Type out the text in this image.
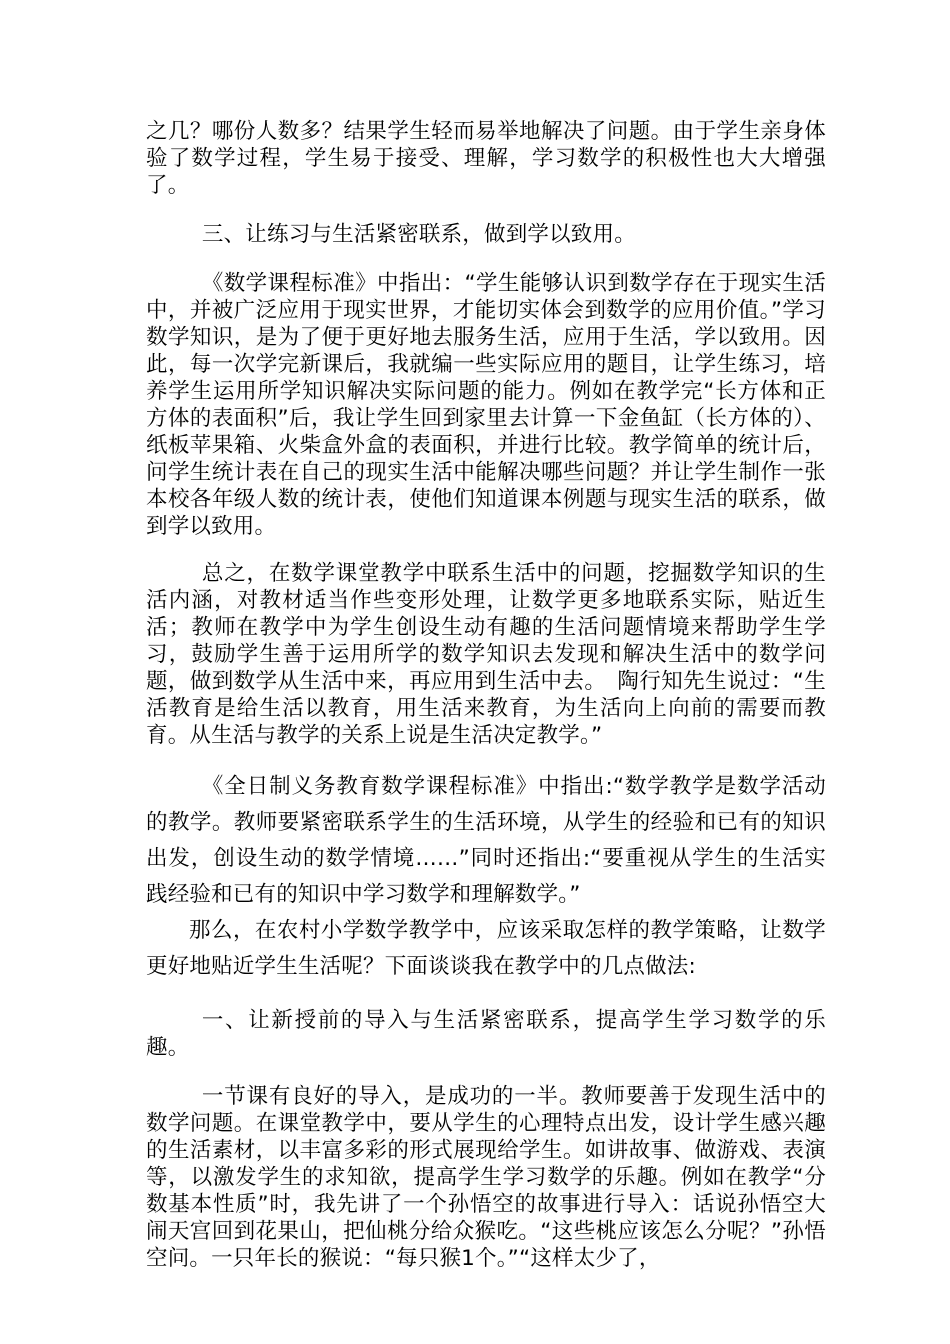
之几？哪份人数多？结果学生轻而易举地解决了问题。由于学生亲身体验了数学过程，学生易于接受、理解，学习数学的积极性也大大增强了。

三、让练习与生活紧密联系，做到学以致用。

《数学课程标准》中指出：“学生能够认识到数学存在于现实生活中，并被广泛应用于现实世界，才能切实体会到数学的应用价值。”学习数学知识，是为了便于更好地去服务生活，应用于生活，学以致用。因此，每一次学完新课后，我就编一些实际应用的题目，让学生练习，培养学生运用所学知识解决实际问题的能力。例如在教学完“长方体和正方体的表面积”后，我让学生回到家里去计算一下金鱼缸（长方体的）、纸板苹果箱、火柴盒外盒的表面积，并进行比较。教学简单的统计后，问学生统计表在自己的现实生活中能解决哪些问题？并让学生制作一张本校各年级人数的统计表，使他们知道课本例题与现实生活的联系，做到学以致用。

总之，在数学课堂教学中联系生活中的问题，挖掘数学知识的生活内涵，对教材适当作些变形处理，让数学更多地联系实际，贴近生活；教师在教学中为学生创设生动有趣的生活问题情境来帮助学生学习，鼓励学生善于运用所学的数学知识去发现和解决生活中的数学问题，做到数学从生活中来，再应用到生活中去。　陶行知先生说过：“生活教育是给生活以教育，用生活来教育，为生活向上向前的需要而教育。从生活与教学的关系上说是生活决定教学。”

《全日制义务教育数学课程标准》中指出:“数学教学是数学活动的教学。教师要紧密联系学生的生活环境，从学生的经验和已有的知识出发，创设生动的数学情境……”同时还指出:“要重视从学生的生活实践经验和已有的知识中学习数学和理解数学。”

那么，在农村小学数学教学中，应该采取怎样的教学策略，让数学更好地贴近学生生活呢？下面谈谈我在教学中的几点做法:

一、让新授前的导入与生活紧密联系，提高学生学习数学的乐趣。

一节课有良好的导入，是成功的一半。教师要善于发现生活中的数学问题。在课堂教学中，要从学生的心理特点出发，设计学生感兴趣的生活素材，以丰富多彩的形式展现给学生。如讲故事、做游戏、表演等，以激发学生的求知欲，提高学生学习数学的乐趣。例如在教学“分数基本性质”时，我先讲了一个孙悟空的故事进行导入：话说孙悟空大闹天宫回到花果山，把仙桃分给众猴吃。“这些桃应该怎么分呢？”孙悟空问。一只年长的猴说：“每只猴1个。”“这样太少了，
